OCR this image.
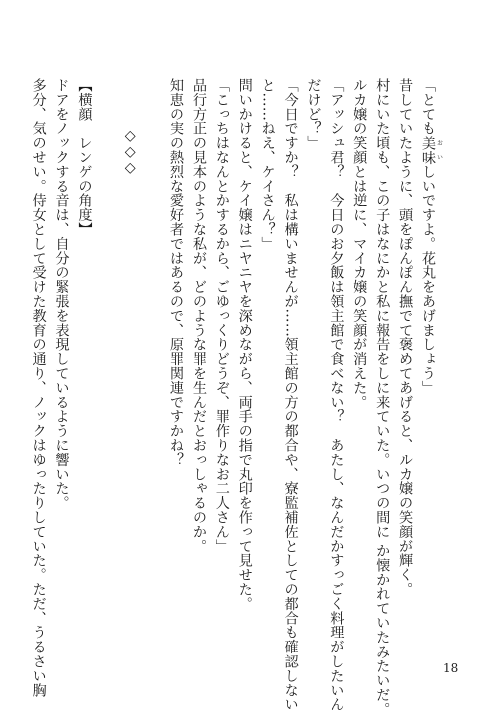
「とても美味 おいしいですよ。花丸をあげましょう」

昔していたように、頭をぽんぽん撫でて褒めてあげると、ルカ嬢の笑顔が輝く。

村にいた頃も、この子はなにかと私に報告をしに来ていた。いつの間に か懐かれていたみたいだ。

ルカ嬢の笑顔とは逆に、マイカ嬢の笑顔が消えた。

「アッシュ君？　今日のお夕飯は領主館で食べない？　あたし、なんだかすっごく料理がしたいん

だけど？」

「今日ですか？　私は構いませんが……領主館の方の都合や、寮監補佐としての都合も確認しない

と……ねえ、ケイさん？」

問いかけると、ケイ嬢はニヤニヤを深めながら、両手の指で丸印を作って見せた。

「こっちはなんとかするから、ごゆっくりどうぞ、罪作りなお二人さん」

品行方正の見本のような私が、どのような罪を生んだとおっしゃるのか。

知恵の実の熱烈な愛好者ではあるので、原罪関連ですかね？

◇◇◇

【横顔　レンゲの角度】

ドアをノックする音は、自分の緊張を表現しているように響いた。

多分、気のせい。侍女として受けた教育の通り、ノックはゆったりしていた。ただ、うるさい胸	18
